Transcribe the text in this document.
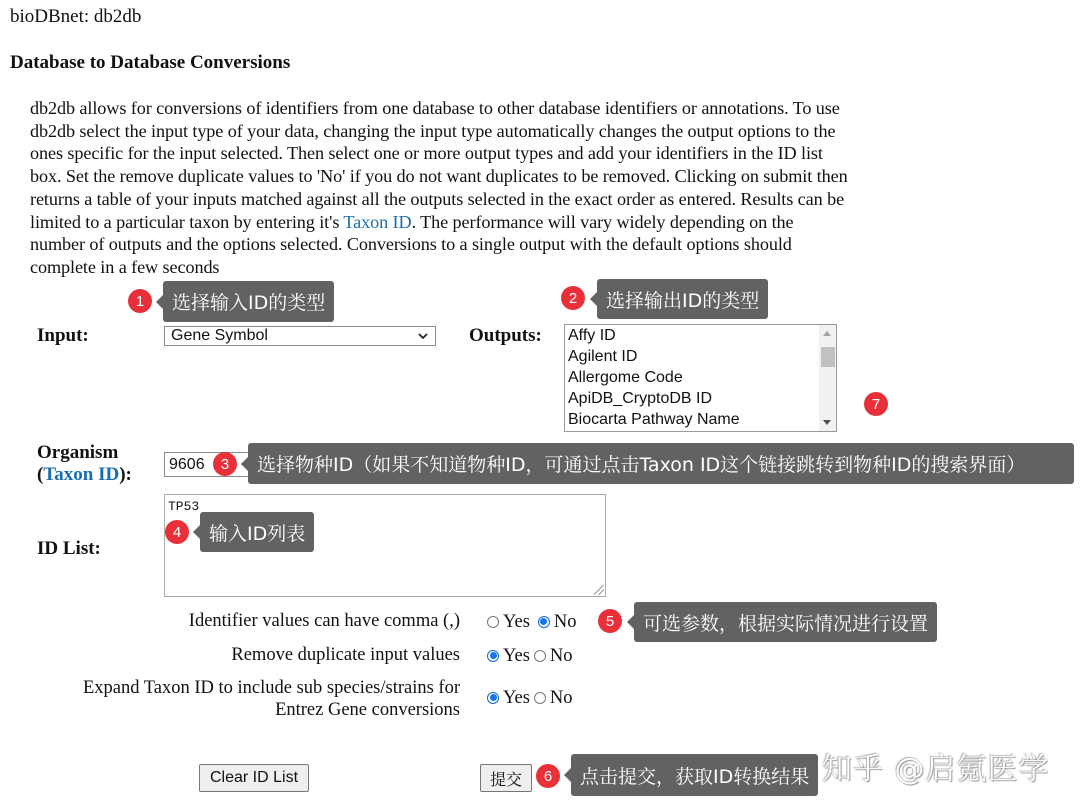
bioDBnet: db2db
Database to Database Conversions
db2db allows for conversions of identifiers from one database to other database identifiers or annotations. To use db2db select the input type of your data, changing the input type automatically changes the output options to the ones specific for the input selected. Then select one or more output types and add your identifiers in the ID list box. Set the remove duplicate values to 'No' if you do not want duplicates to be removed. Clicking on submit then returns a table of your inputs matched against all the outputs selected in the exact order as entered. Results can be limited to a particular taxon by entering it's Taxon ID. The performance will vary widely depending on the number of outputs and the options selected. Conversions to a single output with the default options should complete in a few seconds
Input:	Gene Symbol	Outputs: Affy ID
Agilent ID
Allergome Code
ApiDB_CryptoDB ID
Biocarta Pathway Name
Organism
(Taxon ID):	9606
ID List:
TP53
Identifier values can have comma (,) Yes No
Remove duplicate input values Yes No
Expand Taxon ID to include sub species/strains for
Entrez Gene conversions
Yes No
Clear ID List	提交
1	选择输入ID的类型	2	选择输出ID的类型
3	选择物种ID（如果不知道物种ID，可通过点击Taxon ID这个链接跳转到物种ID的搜索界面）
4	输入ID列表
5	可选参数，根据实际情况进行设置
6	点击提交，获取ID转换结果
7
知乎 @启氪医学
